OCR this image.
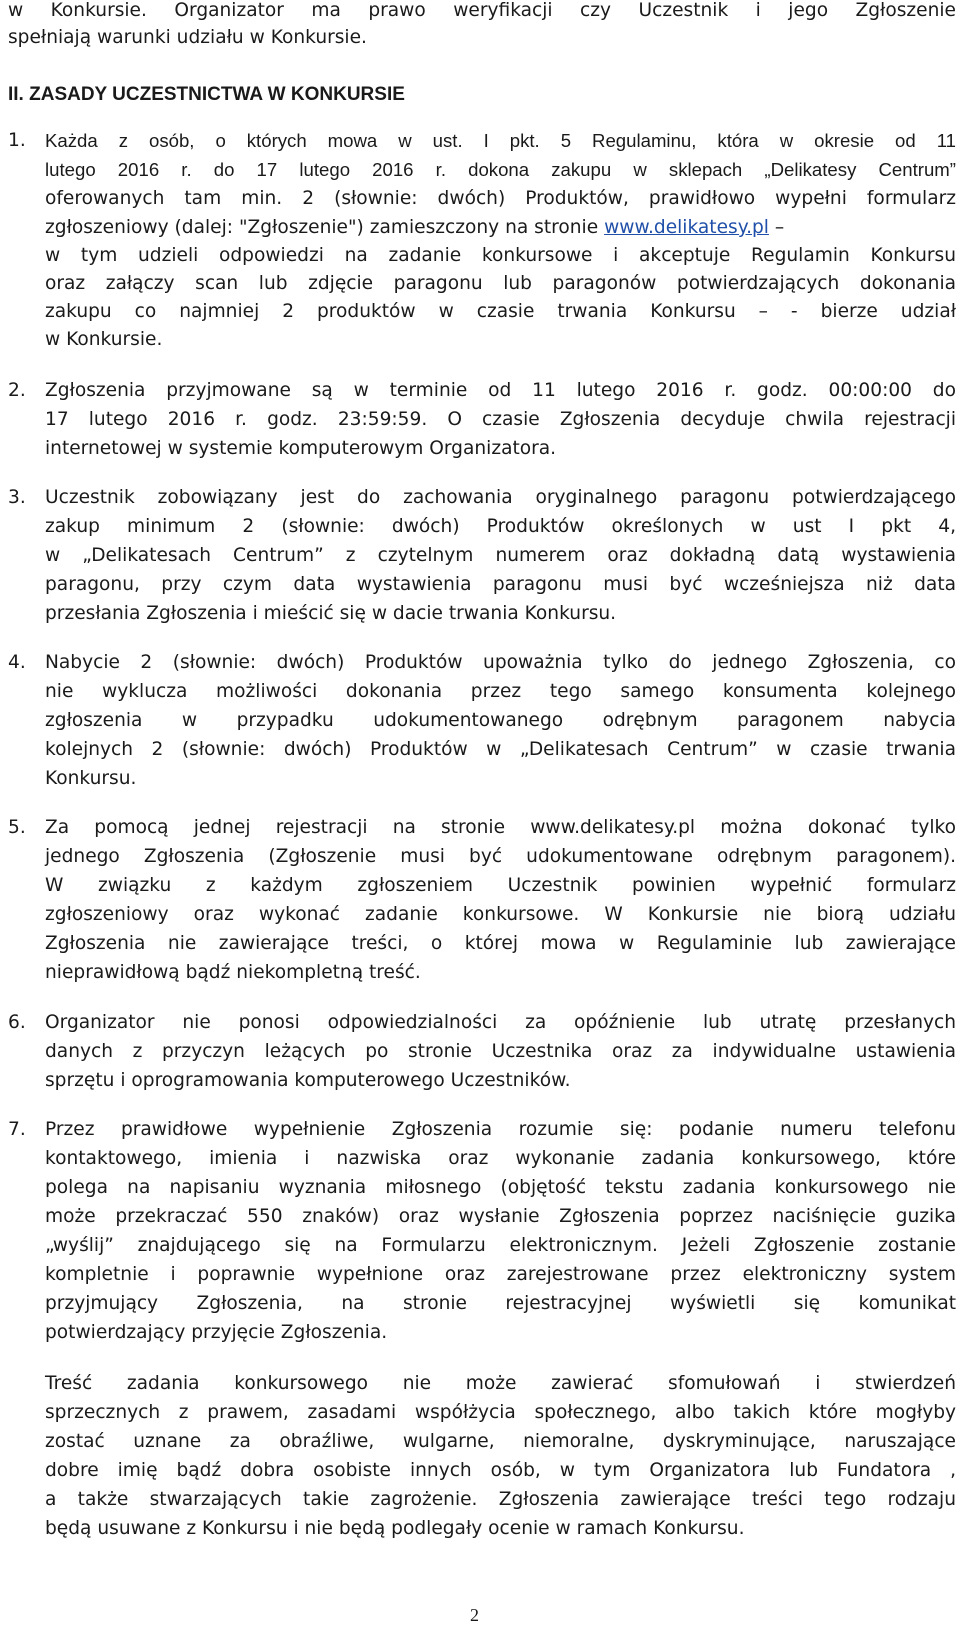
w Konkursie. Organizator ma prawo weryfikacji czy Uczestnik i jego Zgłoszenie
spełniają warunki udziału w Konkursie.
II. ZASADY UCZESTNICTWA W KONKURSIE
1.	Każda z osób, o których mowa w ust. I pkt. 5 Regulaminu, która w okresie od 11
lutego 2016 r. do 17 lutego 2016 r. dokona zakupu w sklepach „Delikatesy Centrum”
oferowanych tam min. 2 (słownie: dwóch) Produktów, prawidłowo wypełni formularz
zgłoszeniowy (dalej: "Zgłoszenie") zamieszczony na stronie www.delikatesy.pl –
w tym udzieli odpowiedzi na zadanie konkursowe i akceptuje Regulamin Konkursu
oraz załączy scan lub zdjęcie paragonu lub paragonów potwierdzających dokonania
zakupu co najmniej 2 produktów w czasie trwania Konkursu – - bierze udział
w Konkursie.
2.	Zgłoszenia przyjmowane są w terminie od 11 lutego 2016 r. godz. 00:00:00 do
17 lutego 2016 r. godz. 23:59:59. O czasie Zgłoszenia decyduje chwila rejestracji
internetowej w systemie komputerowym Organizatora.
3.	Uczestnik zobowiązany jest do zachowania oryginalnego paragonu potwierdzającego
zakup minimum 2 (słownie: dwóch) Produktów określonych w ust I pkt 4,
w „Delikatesach Centrum” z czytelnym numerem oraz dokładną datą wystawienia
paragonu, przy czym data wystawienia paragonu musi być wcześniejsza niż data
przesłania Zgłoszenia i mieścić się w dacie trwania Konkursu.
4.	Nabycie 2 (słownie: dwóch) Produktów upoważnia tylko do jednego Zgłoszenia, co
nie wyklucza możliwości dokonania przez tego samego konsumenta kolejnego
zgłoszenia w przypadku udokumentowanego odrębnym paragonem nabycia
kolejnych 2 (słownie: dwóch) Produktów w „Delikatesach Centrum” w czasie trwania
Konkursu.
5.	Za pomocą jednej rejestracji na stronie www.delikatesy.pl można dokonać tylko
jednego Zgłoszenia (Zgłoszenie musi być udokumentowane odrębnym paragonem).
W związku z każdym zgłoszeniem Uczestnik powinien wypełnić formularz
zgłoszeniowy oraz wykonać zadanie konkursowe. W Konkursie nie biorą udziału
Zgłoszenia nie zawierające treści, o której mowa w Regulaminie lub zawierające
nieprawidłową bądź niekompletną treść.
6.	Organizator nie ponosi odpowiedzialności za opóźnienie lub utratę przesłanych
danych z przyczyn leżących po stronie Uczestnika oraz za indywidualne ustawienia
sprzętu i oprogramowania komputerowego Uczestników.
7.	Przez prawidłowe wypełnienie Zgłoszenia rozumie się: podanie numeru telefonu
kontaktowego, imienia i nazwiska oraz wykonanie zadania konkursowego, które
polega na napisaniu wyznania miłosnego (objętość tekstu zadania konkursowego nie
może przekraczać 550 znaków) oraz wysłanie Zgłoszenia poprzez naciśnięcie guzika
„wyślij” znajdującego się na Formularzu elektronicznym. Jeżeli Zgłoszenie zostanie
kompletnie i poprawnie wypełnione oraz zarejestrowane przez elektroniczny system
przyjmujący Zgłoszenia, na stronie rejestracyjnej wyświetli się komunikat
potwierdzający przyjęcie Zgłoszenia.
Treść zadania konkursowego nie może zawierać sfomułowań i stwierdzeń
sprzecznych z prawem, zasadami współżycia społecznego, albo takich które mogłyby
zostać uznane za obraźliwe, wulgarne, niemoralne, dyskryminujące, naruszające
dobre imię bądź dobra osobiste innych osób, w tym Organizatora lub Fundatora ,
a także stwarzających takie zagrożenie. Zgłoszenia zawierające treści tego rodzaju
będą usuwane z Konkursu i nie będą podlegały ocenie w ramach Konkursu.
2
